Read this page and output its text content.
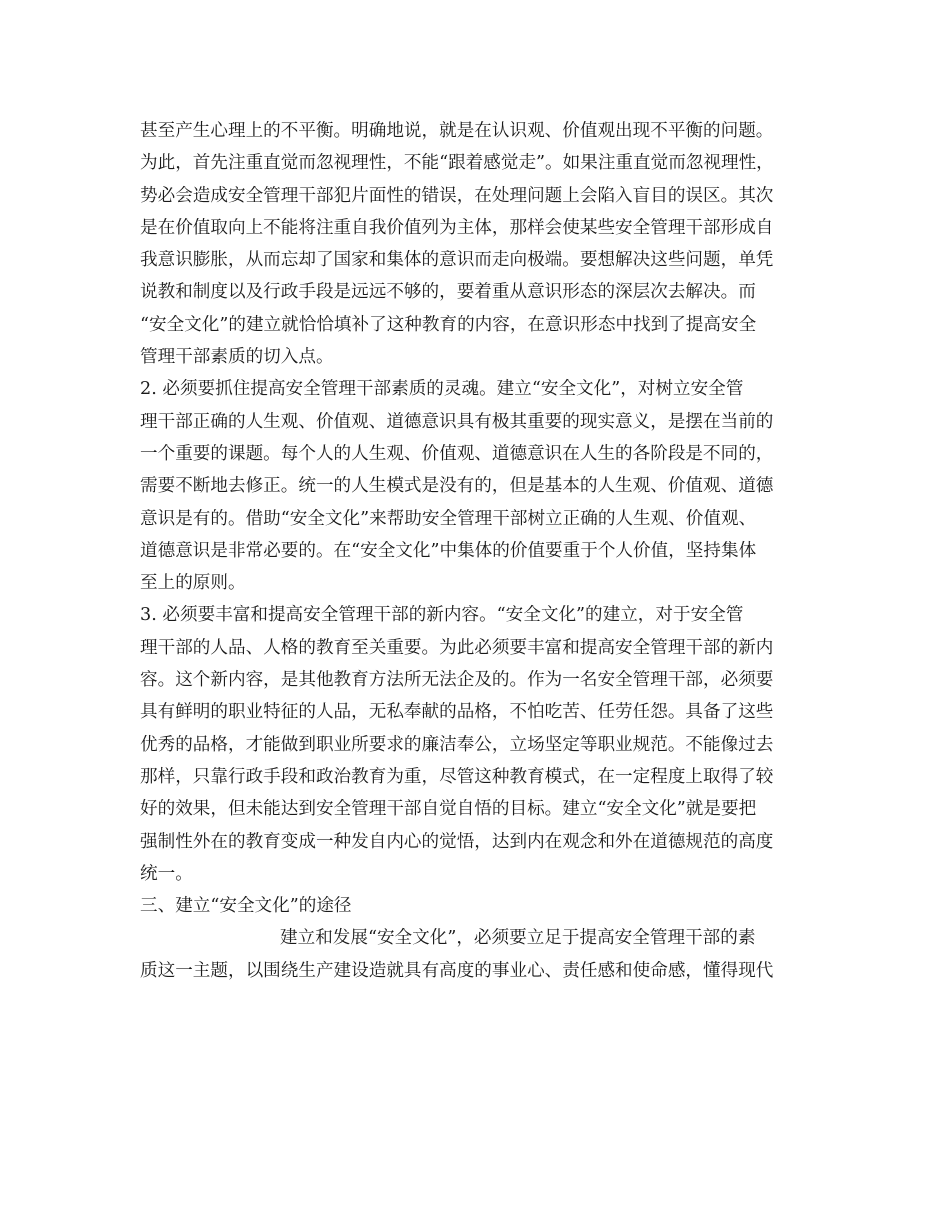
甚至产生心理上的不平衡。明确地说，就是在认识观、价值观出现不平衡的问题。
为此，首先注重直觉而忽视理性，不能“跟着感觉走”。如果注重直觉而忽视理性，
势必会造成安全管理干部犯片面性的错误，在处理问题上会陷入盲目的误区。其次
是在价值取向上不能将注重自我价值列为主体，那样会使某些安全管理干部形成自
我意识膨胀，从而忘却了国家和集体的意识而走向极端。要想解决这些问题，单凭
说教和制度以及行政手段是远远不够的，要着重从意识形态的深层次去解决。而
“安全文化”的建立就恰恰填补了这种教育的内容，在意识形态中找到了提高安全
管理干部素质的切入点。
2. 必须要抓住提高安全管理干部素质的灵魂。建立“安全文化”，对树立安全管
理干部正确的人生观、价值观、道德意识具有极其重要的现实意义，是摆在当前的
一个重要的课题。每个人的人生观、价值观、道德意识在人生的各阶段是不同的，
需要不断地去修正。统一的人生模式是没有的，但是基本的人生观、价值观、道德
意识是有的。借助“安全文化”来帮助安全管理干部树立正确的人生观、价值观、
道德意识是非常必要的。在“安全文化”中集体的价值要重于个人价值，坚持集体
至上的原则。
3. 必须要丰富和提高安全管理干部的新内容。“安全文化”的建立，对于安全管
理干部的人品、人格的教育至关重要。为此必须要丰富和提高安全管理干部的新内
容。这个新内容，是其他教育方法所无法企及的。作为一名安全管理干部，必须要
具有鲜明的职业特征的人品，无私奉献的品格，不怕吃苦、任劳任怨。具备了这些
优秀的品格，才能做到职业所要求的廉洁奉公，立场坚定等职业规范。不能像过去
那样，只靠行政手段和政治教育为重，尽管这种教育模式，在一定程度上取得了较
好的效果，但未能达到安全管理干部自觉自悟的目标。建立“安全文化”就是要把
强制性外在的教育变成一种发自内心的觉悟，达到内在观念和外在道德规范的高度
统一。
三、建立“安全文化”的途径
建立和发展“安全文化”，必须要立足于提高安全管理干部的素
质这一主题，以围绕生产建设造就具有高度的事业心、责任感和使命感，懂得现代
